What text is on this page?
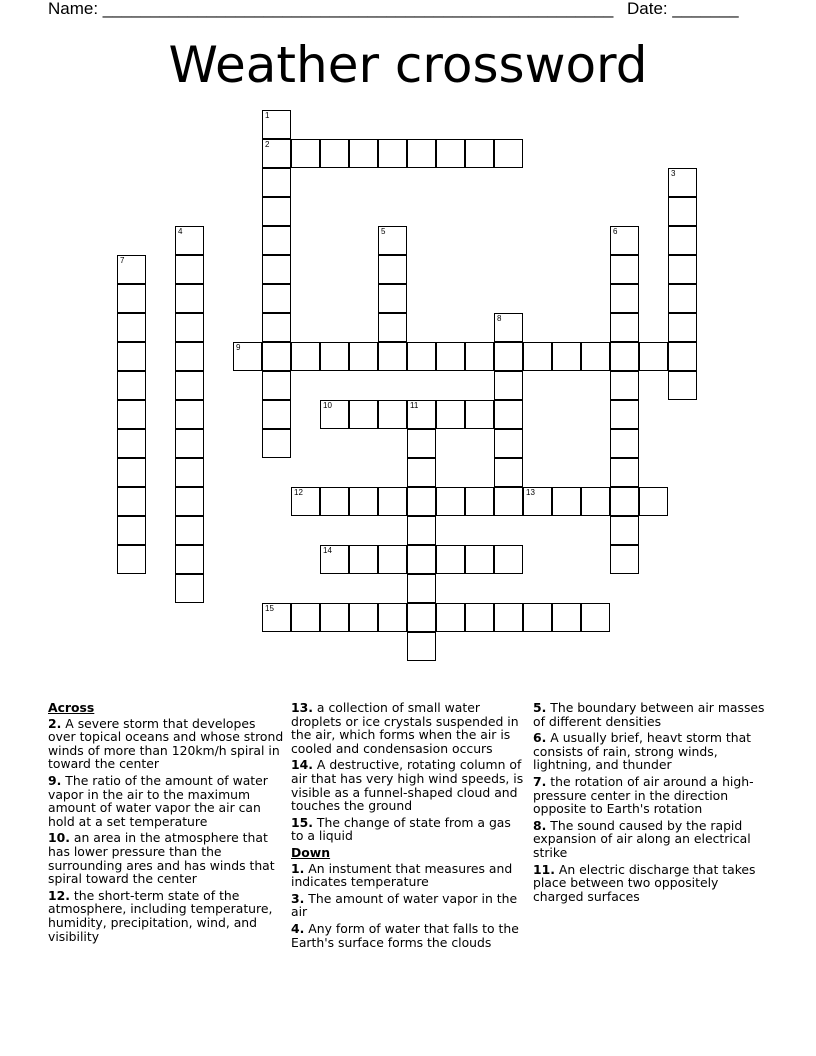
Name: ______________________________________________________ Date: _______
Weather crossword
1
2
3
4	5	6
7
8
9
10	11
12	13
14
15
Across
2. A severe storm that developes over topical oceans and whose strond winds of more than 120km/h spiral in toward the center
9. The ratio of the amount of water vapor in the air to the maximum amount of water vapor the air can hold at a set temperature
10. an area in the atmosphere that has lower pressure than the surrounding ares and has winds that spiral toward the center
12. the short-term state of the atmosphere, including temperature, humidity, precipitation, wind, and visibility
13. a collection of small water droplets or ice crystals suspended in the air, which forms when the air is cooled and condensasion occurs
14. A destructive, rotating column of air that has very high wind speeds, is visible as a funnel-shaped cloud and touches the ground
15. The change of state from a gas to a liquid
Down
1. An instument that measures and indicates temperature
3. The amount of water vapor in the air
4. Any form of water that falls to the Earth's surface forms the clouds
5. The boundary between air masses of different densities
6. A usually brief, heavt storm that consists of rain, strong winds, lightning, and thunder
7. the rotation of air around a high-pressure center in the direction opposite to Earth's rotation
8. The sound caused by the rapid expansion of air along an electrical strike
11. An electric discharge that takes place between two oppositely charged surfaces
